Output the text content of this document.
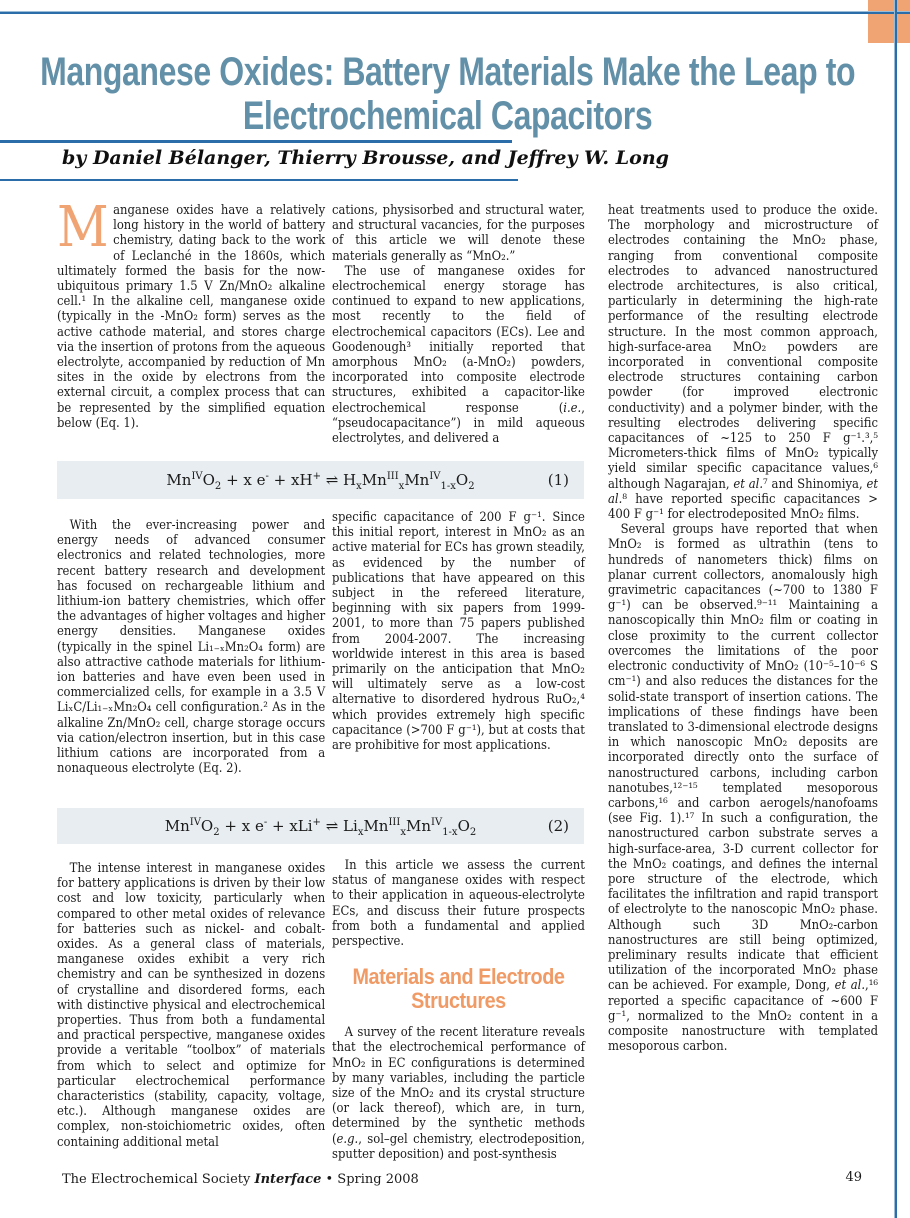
Manganese Oxides: Battery Materials Make the Leap to
Electrochemical Capacitors
by Daniel Bélanger, Thierry Brousse, and Jeffrey W. Long

Manganese oxides have a relatively long history in the world of battery chemistry, dating back to the work of Leclanché in the 1860s, which ultimately formed the basis for the now-ubiquitous primary 1.5 V Zn/MnO₂ alkaline cell.¹ In the alkaline cell, manganese oxide (typically in the -MnO₂ form) serves as the active cathode material, and stores charge via the insertion of protons from the aqueous electrolyte, accompanied by reduction of Mn sites in the oxide by electrons from the external circuit, a complex process that can be represented by the simplified equation below (Eq. 1).

$Mn^{IV}O_2 + x$ e- + xH+ ⇌ $H_xMn^{III}_xMn^{IV}_{1-x}O_2$	(1)

With the ever-increasing power and energy needs of advanced consumer electronics and related technologies, more recent battery research and development has focused on rechargeable lithium and lithium-ion battery chemistries, which offer the advantages of higher voltages and higher energy densities. Manganese oxides (typically in the spinel Li₁₋ₓMn₂O₄ form) are also attractive cathode materials for lithium-ion batteries and have even been used in commercialized cells, for example in a 3.5 V LiₓC/Li₁₋ₓMn₂O₄ cell configuration.² As in the alkaline Zn/MnO₂ cell, charge storage occurs via cation/electron insertion, but in this case lithium cations are incorporated from a nonaqueous electrolyte (Eq. 2).

$Mn^{IV}O_2 + x$ e- + xLi+ ⇌ $Li_xMn^{III}_xMn^{IV}_{1-x}O_2$	(2)

The intense interest in manganese oxides for battery applications is driven by their low cost and low toxicity, particularly when compared to other metal oxides of relevance for batteries such as nickel- and cobalt-oxides. As a general class of materials, manganese oxides exhibit a very rich chemistry and can be synthesized in dozens of crystalline and disordered forms, each with distinctive physical and electrochemical properties. Thus from both a fundamental and practical perspective, manganese oxides provide a veritable “toolbox” of materials from which to select and optimize for particular electrochemical performance characteristics (stability, capacity, voltage, etc.). Although manganese oxides are complex, non-stoichiometric oxides, often containing additional metal

cations, physisorbed and structural water, and structural vacancies, for the purposes of this article we will denote these materials generally as “MnO₂.”

The use of manganese oxides for electrochemical energy storage has continued to expand to new applications, most recently to the field of electrochemical capacitors (ECs). Lee and Goodenough³ initially reported that amorphous MnO₂ (a-MnO₂) powders, incorporated into composite electrode structures, exhibited a capacitor-like electrochemical response (i.e., “pseudocapacitance”) in mild aqueous electrolytes, and delivered a

specific capacitance of 200 F g⁻¹. Since this initial report, interest in MnO₂ as an active material for ECs has grown steadily, as evidenced by the number of publications that have appeared on this subject in the refereed literature, beginning with six papers from 1999-2001, to more than 75 papers published from 2004-2007. The increasing worldwide interest in this area is based primarily on the anticipation that MnO₂ will ultimately serve as a low-cost alternative to disordered hydrous RuO₂,⁴ which provides extremely high specific capacitance (>700 F g⁻¹), but at costs that are prohibitive for most applications.

In this article we assess the current status of manganese oxides with respect to their application in aqueous-electrolyte ECs, and discuss their future prospects from both a fundamental and applied perspective.

Materials and Electrode
Structures

A survey of the recent literature reveals that the electrochemical performance of MnO₂ in EC configurations is determined by many variables, including the particle size of the MnO₂ and its crystal structure (or lack thereof), which are, in turn, determined by the synthetic methods (e.g., sol–gel chemistry, electrodeposition, sputter deposition) and post-synthesis

heat treatments used to produce the oxide. The morphology and microstructure of electrodes containing the MnO₂ phase, ranging from conventional composite electrodes to advanced nanostructured electrode architectures, is also critical, particularly in determining the high-rate performance of the resulting electrode structure. In the most common approach, high-surface-area MnO₂ powders are incorporated in conventional composite electrode structures containing carbon powder (for improved electronic conductivity) and a polymer binder, with the resulting electrodes delivering specific capacitances of ~125 to 250 F g⁻¹.³,⁵ Micrometers-thick films of MnO₂ typically yield similar specific capacitance values,⁶ although Nagarajan, et al.⁷ and Shinomiya, et al.⁸ have reported specific capacitances > 400 F g⁻¹ for electrodeposited MnO₂ films.

Several groups have reported that when MnO₂ is formed as ultrathin (tens to hundreds of nanometers thick) films on planar current collectors, anomalously high gravimetric capacitances (~700 to 1380 F g⁻¹) can be observed.⁹⁻¹¹ Maintaining a nanoscopically thin MnO₂ film or coating in close proximity to the current collector overcomes the limitations of the poor electronic conductivity of MnO₂ (10⁻⁵–10⁻⁶ S cm⁻¹) and also reduces the distances for the solid-state transport of insertion cations. The implications of these findings have been translated to 3-dimensional electrode designs in which nanoscopic MnO₂ deposits are incorporated directly onto the surface of nanostructured carbons, including carbon nanotubes,¹²⁻¹⁵ templated mesoporous carbons,¹⁶ and carbon aerogels/nanofoams (see Fig. 1).¹⁷ In such a configuration, the nanostructured carbon substrate serves a high-surface-area, 3-D current collector for the MnO₂ coatings, and defines the internal pore structure of the electrode, which facilitates the infiltration and rapid transport of electrolyte to the nanoscopic MnO₂ phase. Although such 3D MnO₂-carbon nanostructures are still being optimized, preliminary results indicate that efficient utilization of the incorporated MnO₂ phase can be achieved. For example, Dong, et al.,¹⁶ reported a specific capacitance of ~600 F g⁻¹, normalized to the MnO₂ content in a composite nanostructure with templated mesoporous carbon.

The Electrochemical Society Interface • Spring 2008	49
